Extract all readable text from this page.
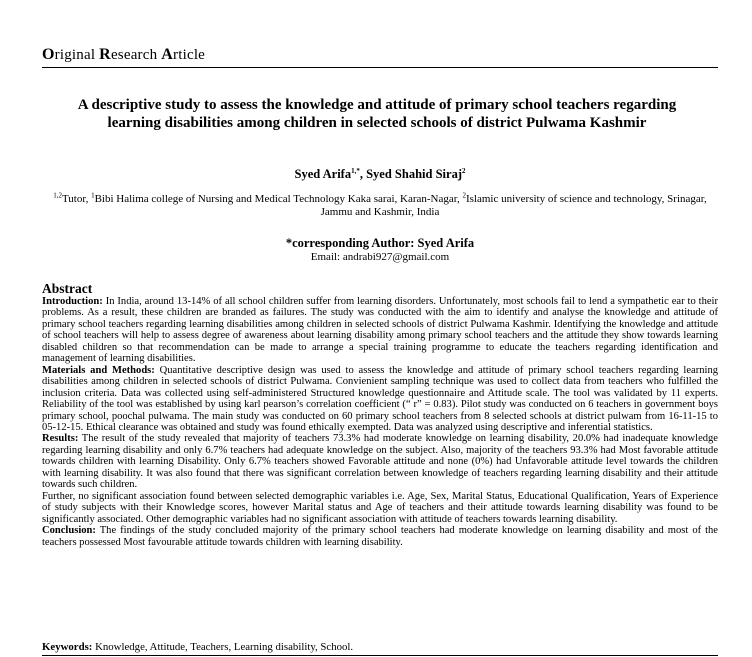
Original Research Article
A descriptive study to assess the knowledge and attitude of primary school teachers regarding learning disabilities among children in selected schools of district Pulwama Kashmir
Syed Arifa$^{1,*}$, Syed Shahid Siraj$^2$
$^{1,2}$Tutor, $^1$Bibi Halima college of Nursing and Medical Technology Kaka sarai, Karan-Nagar, $^2$Islamic university of science and technology, Srinagar, Jammu and Kashmir, India
*corresponding Author: Syed Arifa
Email: andrabi927@gmail.com
Abstract

Introduction: In India, around 13-14% of all school children suffer from learning disorders. Unfortunately, most schools fail to lend a sympathetic ear to their problems. As a result, these children are branded as failures. The study was conducted with the aim to identify and analyse the knowledge and attitude of primary school teachers regarding learning disabilities among children in selected schools of district Pulwama Kashmir. Identifying the knowledge and attitude of school teachers will help to assess degree of awareness about learning disability among primary school teachers and the attitude they show towards learning disabled children so that recommendation can be made to arrange a special training programme to educate the teachers regarding identification and management of learning disabilities.

Materials and Methods: Quantitative descriptive design was used to assess the knowledge and attitude of primary school teachers regarding learning disabilities among children in selected schools of district Pulwama. Convienient sampling technique was used to collect data from teachers who fulfilled the inclusion criteria. Data was collected using self-administered Structured knowledge questionnaire and Attitude scale. The tool was validated by 11 experts. Reliability of the tool was established by using karl pearson’s correlation coefficient (“ r” = 0.83). Pilot study was conducted on 6 teachers in government boys primary school, poochal pulwama. The main study was conducted on 60 primary school teachers from 8 selected schools at district pulwam from 16-11-15 to 05-12-15. Ethical clearance was obtained and study was found ethically exempted. Data was analyzed using descriptive and inferential statistics.

Results: The result of the study revealed that majority of teachers 73.3% had moderate knowledge on learning disability, 20.0% had inadequate knowledge regarding learning disability and only 6.7% teachers had adequate knowledge on the subject. Also, majority of the teachers 93.3% had Most favorable attitude towards children with learning Disability. Only 6.7% teachers showed Favorable attitude and none (0%) had Unfavorable attitude level towards the children with learning disability. It was also found that there was significant correlation between knowledge of teachers regarding learning disability and their attitude towards such children.

Further, no significant association found between selected demographic variables i.e. Age, Sex, Marital Status, Educational Qualification, Years of Experience of study subjects with their Knowledge scores, however Marital status and Age of teachers and their attitude towards learning disability was found to be significantly associated. Other demographic variables had no significant association with attitude of teachers towards learning disability.

Conclusion: The findings of the study concluded majority of the primary school teachers had moderate knowledge on learning disability and most of the teachers possessed Most favourable attitude towards children with learning disability.

Keywords: Knowledge, Attitude, Teachers, Learning disability, School.
